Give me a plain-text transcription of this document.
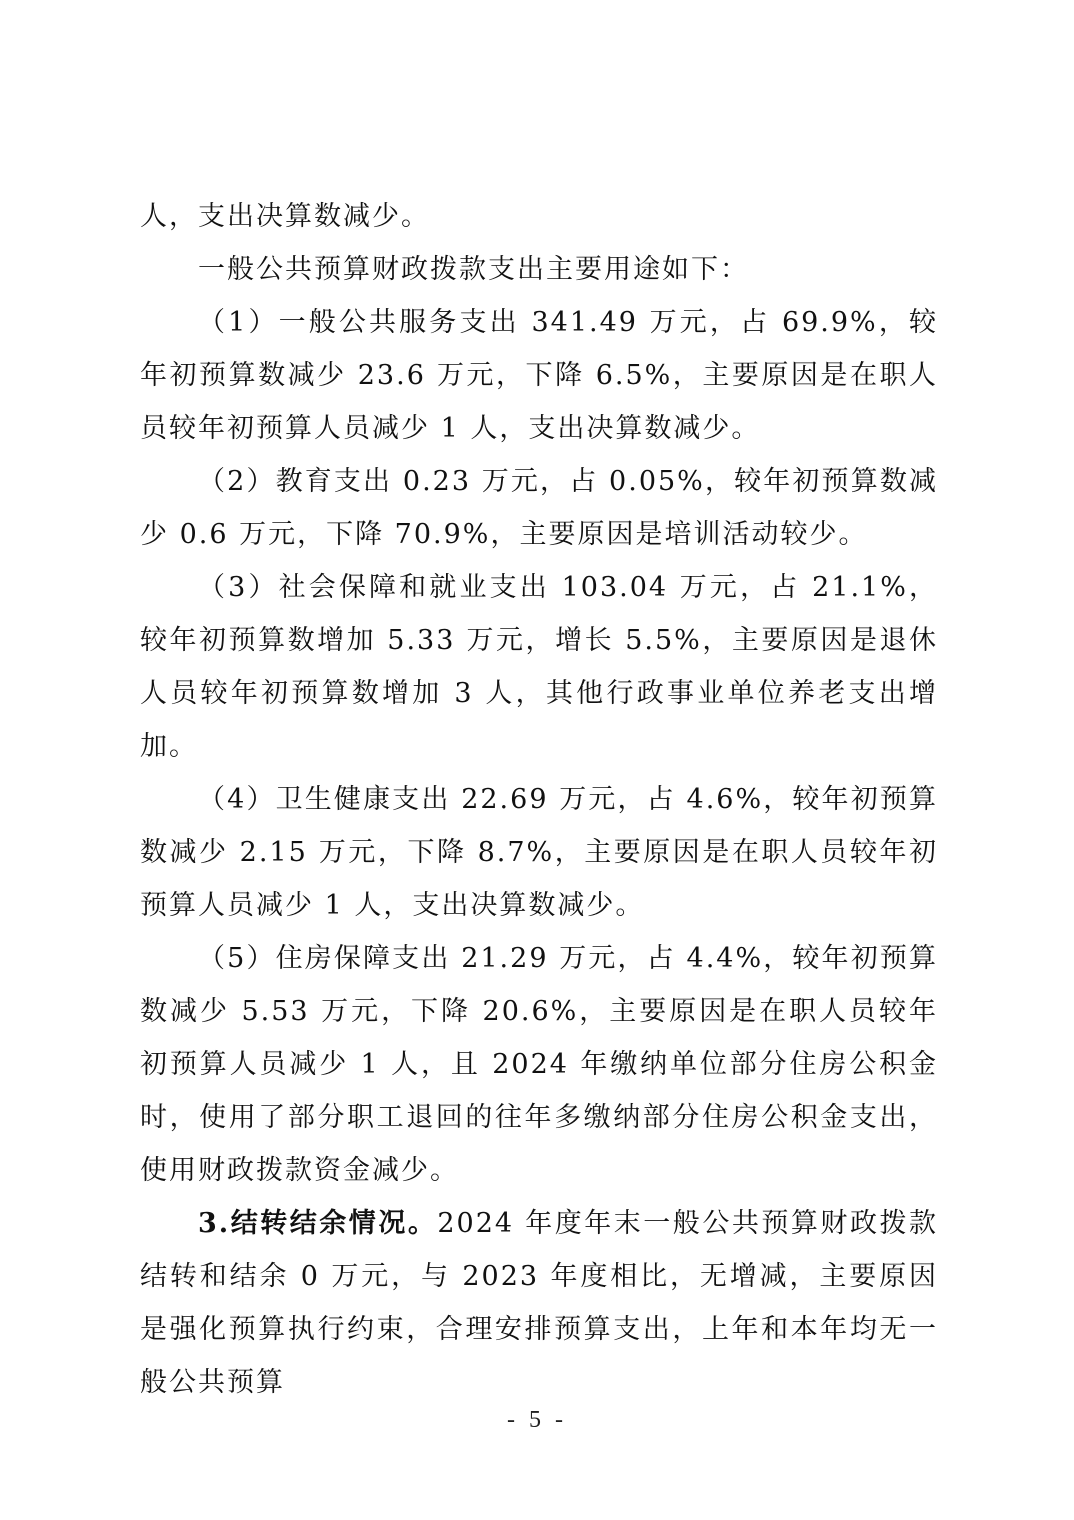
人，支出决算数减少。

一般公共预算财政拨款支出主要用途如下：

（1）一般公共服务支出 341.49 万元，占 69.9%，较年初预算数减少 23.6 万元，下降 6.5%，主要原因是在职人员较年初预算人员减少 1 人，支出决算数减少。

（2）教育支出 0.23 万元，占 0.05%，较年初预算数减少 0.6 万元，下降 70.9%，主要原因是培训活动较少。

（3）社会保障和就业支出 103.04 万元，占 21.1%，较年初预算数增加 5.33 万元，增长 5.5%，主要原因是退休人员较年初预算数增加 3 人，其他行政事业单位养老支出增加。

（4）卫生健康支出 22.69 万元，占 4.6%，较年初预算数减少 2.15 万元，下降 8.7%，主要原因是在职人员较年初预算人员减少 1 人，支出决算数减少。

（5）住房保障支出 21.29 万元，占 4.4%，较年初预算数减少 5.53 万元，下降 20.6%，主要原因是在职人员较年初预算人员减少 1 人，且 2024 年缴纳单位部分住房公积金时，使用了部分职工退回的往年多缴纳部分住房公积金支出，使用财政拨款资金减少。

3.结转结余情况。2024 年度年末一般公共预算财政拨款结转和结余 0 万元，与 2023 年度相比，无增减，主要原因是强化预算执行约束，合理安排预算支出，上年和本年均无一般公共预算

- 5 -
